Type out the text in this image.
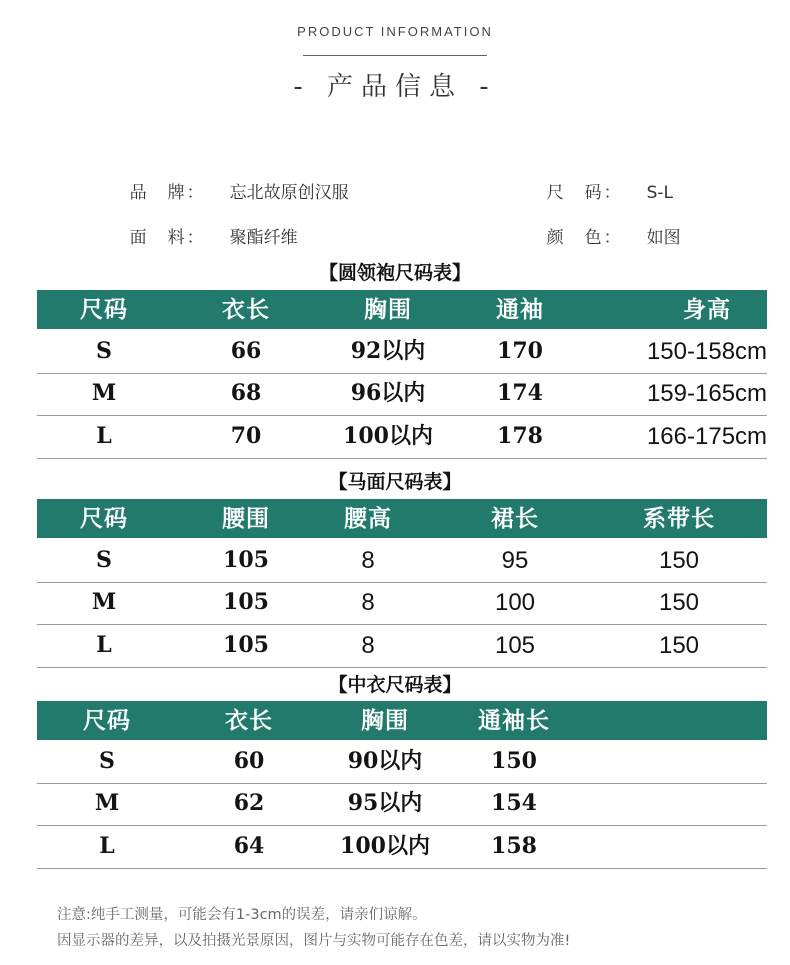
PRODUCT INFORMATION
- 产品信息 -

品　牌： 忘北故原创汉服
	尺　码： S-L

面　料： 聚酯纤维
	颜　色： 如图

【圆领袍尺码表】
尺码	衣长	胸围	通袖	身高
S	66	92以内	170	150-158cm
M	68	96以内	174	159-165cm
L	70	100以内	178	166-175cm
【马面尺码表】
尺码	腰围	腰高	裙长	系带长
S	105	8	95	150
M	105	8	100	150
L	105	8	105	150
【中衣尺码表】
尺码	衣长	胸围	通袖长
S	60	90以内	150
M	62	95以内	154
L	64	100以内	158
注意:纯手工测量，可能会有1-3cm的误差，请亲们谅解。
因显示器的差异，以及拍摄光景原因，图片与实物可能存在色差，请以实物为准!
